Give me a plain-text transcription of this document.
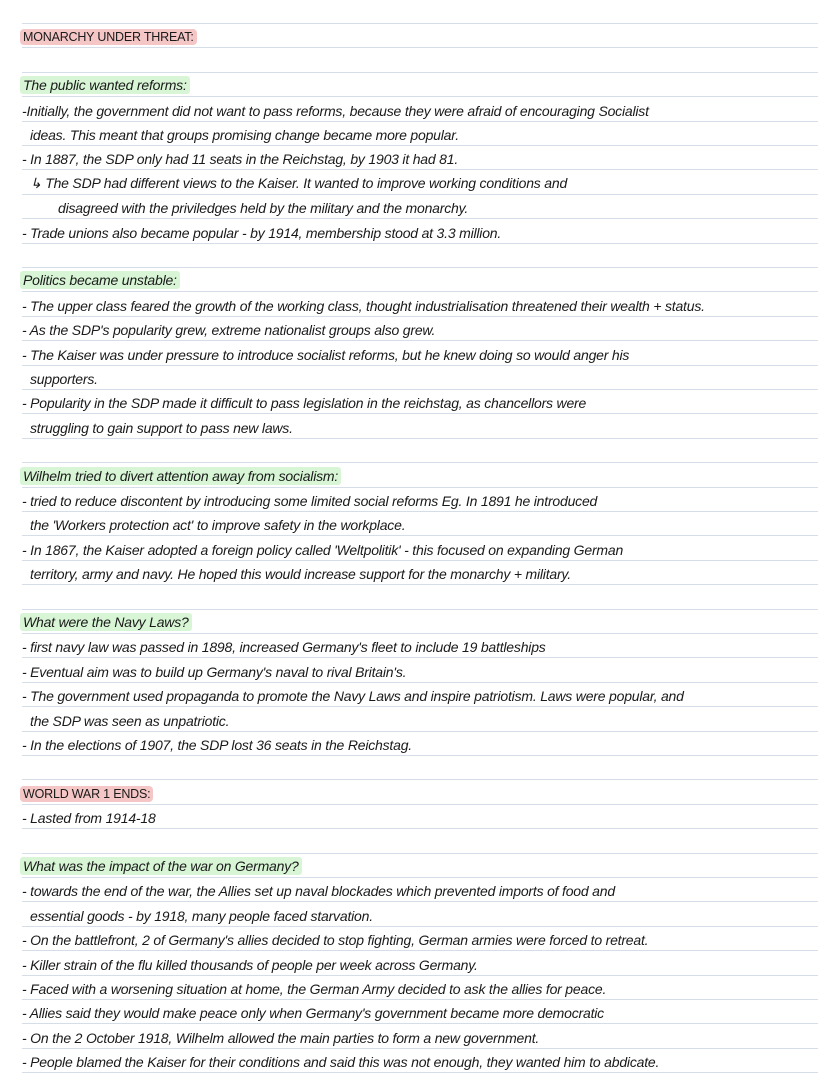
MONARCHY UNDER THREAT:
The public wanted reforms:
-Initially, the government did not want to pass reforms, because they were afraid of encouraging Socialist
ideas. This meant that groups promising change became more popular.
- In 1887, the SDP only had 11 seats in the Reichstag, by 1903 it had 81.
↳ The SDP had different views to the Kaiser. It wanted to improve working conditions and
disagreed with the priviledges held by the military and the monarchy.
- Trade unions also became popular - by 1914, membership stood at 3.3 million.
Politics became unstable:
- The upper class feared the growth of the working class, thought industrialisation threatened their wealth + status.
- As the SDP's popularity grew, extreme nationalist groups also grew.
- The Kaiser was under pressure to introduce socialist reforms, but he knew doing so would anger his
supporters.
- Popularity in the SDP made it difficult to pass legislation in the reichstag, as chancellors were
struggling to gain support to pass new laws.
Wilhelm tried to divert attention away from socialism:
- tried to reduce discontent by introducing some limited social reforms Eg. In 1891 he introduced
the 'Workers protection act' to improve safety in the workplace.
- In 1867, the Kaiser adopted a foreign policy called 'Weltpolitik' - this focused on expanding German
territory, army and navy. He hoped this would increase support for the monarchy + military.
What were the Navy Laws?
- first navy law was passed in 1898, increased Germany's fleet to include 19 battleships
- Eventual aim was to build up Germany's naval to rival Britain's.
- The government used propaganda to promote the Navy Laws and inspire patriotism. Laws were popular, and
the SDP was seen as unpatriotic.
- In the elections of 1907, the SDP lost 36 seats in the Reichstag.
WORLD WAR 1 ENDS:
- Lasted from 1914-18
What was the impact of the war on Germany?
- towards the end of the war, the Allies set up naval blockades which prevented imports of food and
essential goods - by 1918, many people faced starvation.
- On the battlefront, 2 of Germany's allies decided to stop fighting, German armies were forced to retreat.
- Killer strain of the flu killed thousands of people per week across Germany.
- Faced with a worsening situation at home, the German Army decided to ask the allies for peace.
- Allies said they would make peace only when Germany's government became more democratic
- On the 2 October 1918, Wilhelm allowed the main parties to form a new government.
- People blamed the Kaiser for their conditions and said this was not enough, they wanted him to abdicate.
